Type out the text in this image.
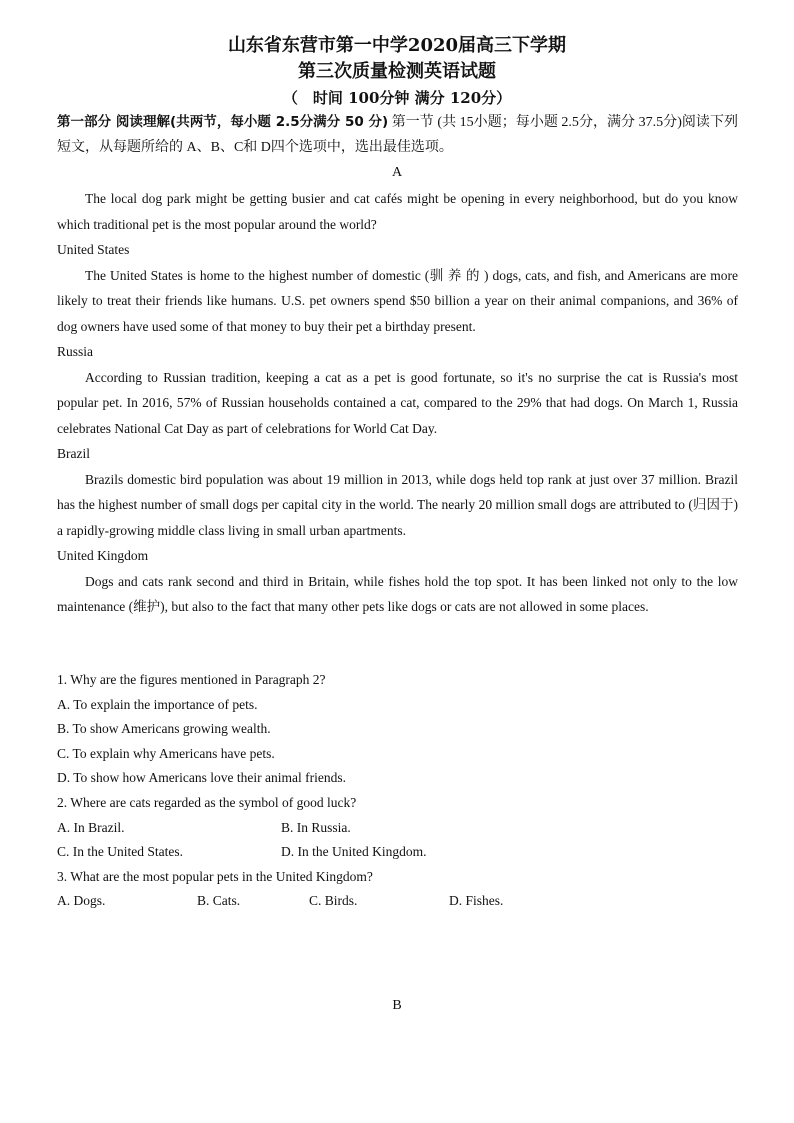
山东省东营市第一中学2020届高三下学期
第三次质量检测英语试题
（　时间 100分钟 满分 120分）
第一部分 阅读理解(共两节，每小题 2.5分满分 50 分) 第一节 (共 15小题；每小题 2.5分，满分 37.5分)阅读下列短文，从每题所给的 A、B、C和 D四个选项中，选出最佳选项。
A

The local dog park might be getting busier and cat cafés might be opening in every neighborhood, but do you know which traditional pet is the most popular around the world?

United States

The United States is home to the highest number of domestic (驯 养 的 ) dogs, cats, and fish, and Americans are more likely to treat their friends like humans. U.S. pet owners spend $50 billion a year on their animal companions, and 36% of dog owners have used some of that money to buy their pet a birthday present.

Russia

According to Russian tradition, keeping a cat as a pet is good fortunate, so it's no surprise the cat is Russia's most popular pet. In 2016, 57% of Russian households contained a cat, compared to the 29% that had dogs. On March 1, Russia celebrates National Cat Day as part of celebrations for World Cat Day.

Brazil

Brazils domestic bird population was about 19 million in 2013, while dogs held top rank at just over 37 million. Brazil has the highest number of small dogs per capital city in the world. The nearly 20 million small dogs are attributed to (归因于) a rapidly-growing middle class living in small urban apartments.

United Kingdom

Dogs and cats rank second and third in Britain, while fishes hold the top spot. It has been linked not only to the low maintenance (维护), but also to the fact that many other pets like dogs or cats are not allowed in some places.

1. Why are the figures mentioned in Paragraph 2?

A. To explain the importance of pets.

B. To show Americans growing wealth.

C. To explain why Americans have pets.

D. To show how Americans love their animal friends.

2. Where are cats regarded as the symbol of good luck?

A. In Brazil.	B. In Russia.
C. In the United States.	D. In the United Kingdom.

3. What are the most popular pets in the United Kingdom?

A. Dogs.	B. Cats.	C. Birds.	D. Fishes.
B
